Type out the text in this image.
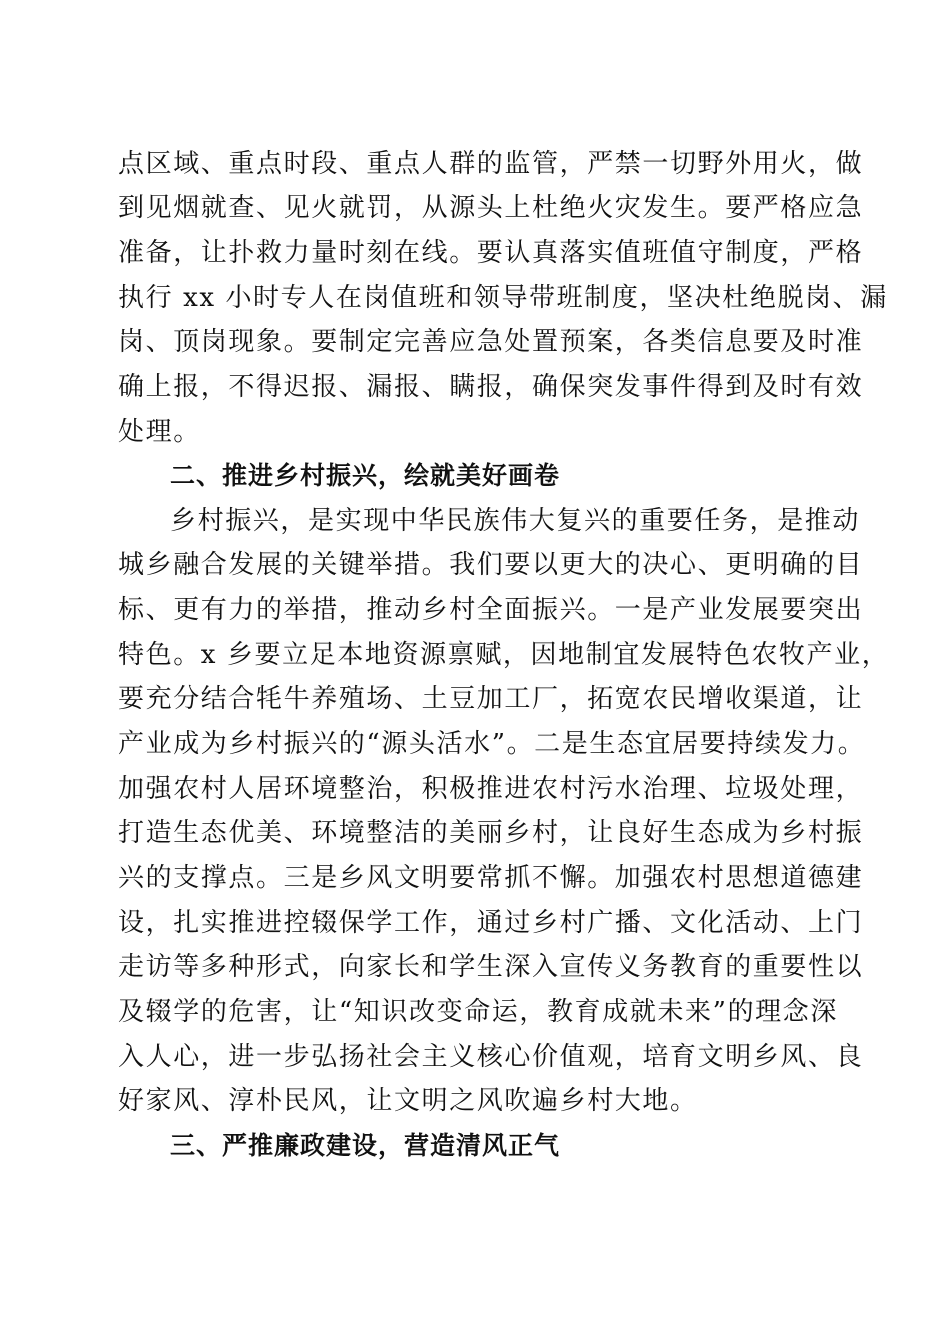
点区域、重点时段、重点人群的监管，严禁一切野外用火，做
到见烟就查、见火就罚，从源头上杜绝火灾发生。要严格应急
准备，让扑救力量时刻在线。要认真落实值班值守制度，严格
执行 xx 小时专人在岗值班和领导带班制度，坚决杜绝脱岗、漏
岗、顶岗现象。要制定完善应急处置预案，各类信息要及时准
确上报，不得迟报、漏报、瞒报，确保突发事件得到及时有效
处理。
二、推进乡村振兴，绘就美好画卷
乡村振兴，是实现中华民族伟大复兴的重要任务，是推动
城乡融合发展的关键举措。我们要以更大的决心、更明确的目
标、更有力的举措，推动乡村全面振兴。一是产业发展要突出
特色。x 乡要立足本地资源禀赋，因地制宜发展特色农牧产业，
要充分结合牦牛养殖场、土豆加工厂，拓宽农民增收渠道，让
产业成为乡村振兴的“源头活水”。二是生态宜居要持续发力。
加强农村人居环境整治，积极推进农村污水治理、垃圾处理，
打造生态优美、环境整洁的美丽乡村，让良好生态成为乡村振
兴的支撑点。三是乡风文明要常抓不懈。加强农村思想道德建
设，扎实推进控辍保学工作，通过乡村广播、文化活动、上门
走访等多种形式，向家长和学生深入宣传义务教育的重要性以
及辍学的危害，让“知识改变命运，教育成就未来”的理念深
入人心，进一步弘扬社会主义核心价值观，培育文明乡风、良
好家风、淳朴民风，让文明之风吹遍乡村大地。
三、严推廉政建设，营造清风正气
